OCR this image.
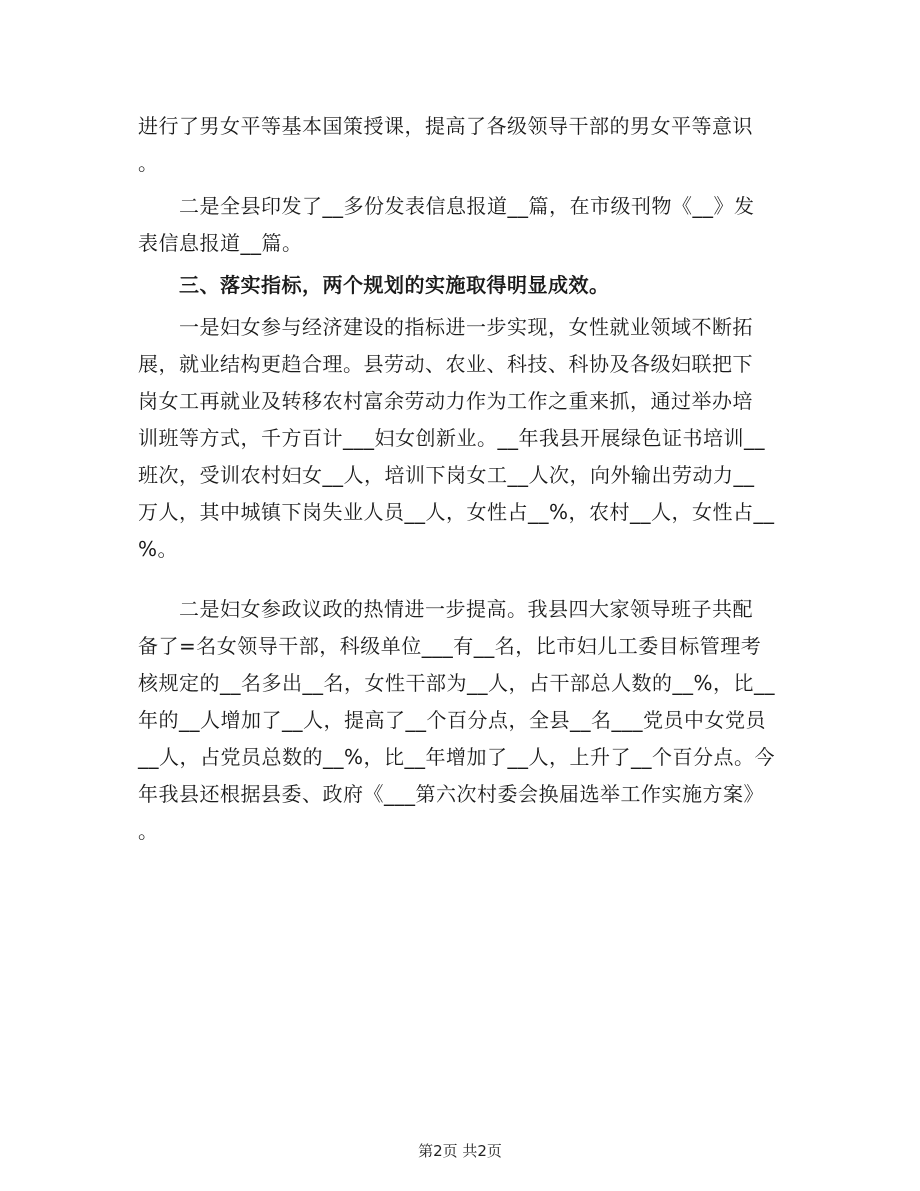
进行了男女平等基本国策授课，提高了各级领导干部的男女平等意识

。

　　二是全县印发了__多份发表信息报道__篇，在市级刊物《__》发

表信息报道__篇。

　　三、落实指标，两个规划的实施取得明显成效。

　　一是妇女参与经济建设的指标进一步实现，女性就业领域不断拓

展，就业结构更趋合理。县劳动、农业、科技、科协及各级妇联把下

岗女工再就业及转移农村富余劳动力作为工作之重来抓，通过举办培

训班等方式，千方百计___妇女创新业。__年我县开展绿色证书培训__

班次，受训农村妇女__人，培训下岗女工__人次，向外输出劳动力__

万人，其中城镇下岗失业人员__人，女性占__%，农村__人，女性占__

%。

　　二是妇女参政议政的热情进一步提高。我县四大家领导班子共配

备了=名女领导干部，科级单位___有__名，比市妇儿工委目标管理考

核规定的__名多出__名，女性干部为__人，占干部总人数的__%，比__

年的__人增加了__人，提高了__个百分点，全县__名___党员中女党员

__人，占党员总数的__%，比__年增加了__人，上升了__个百分点。今

年我县还根据县委、政府《___第六次村委会换届选举工作实施方案》

。

第2页 共2页
